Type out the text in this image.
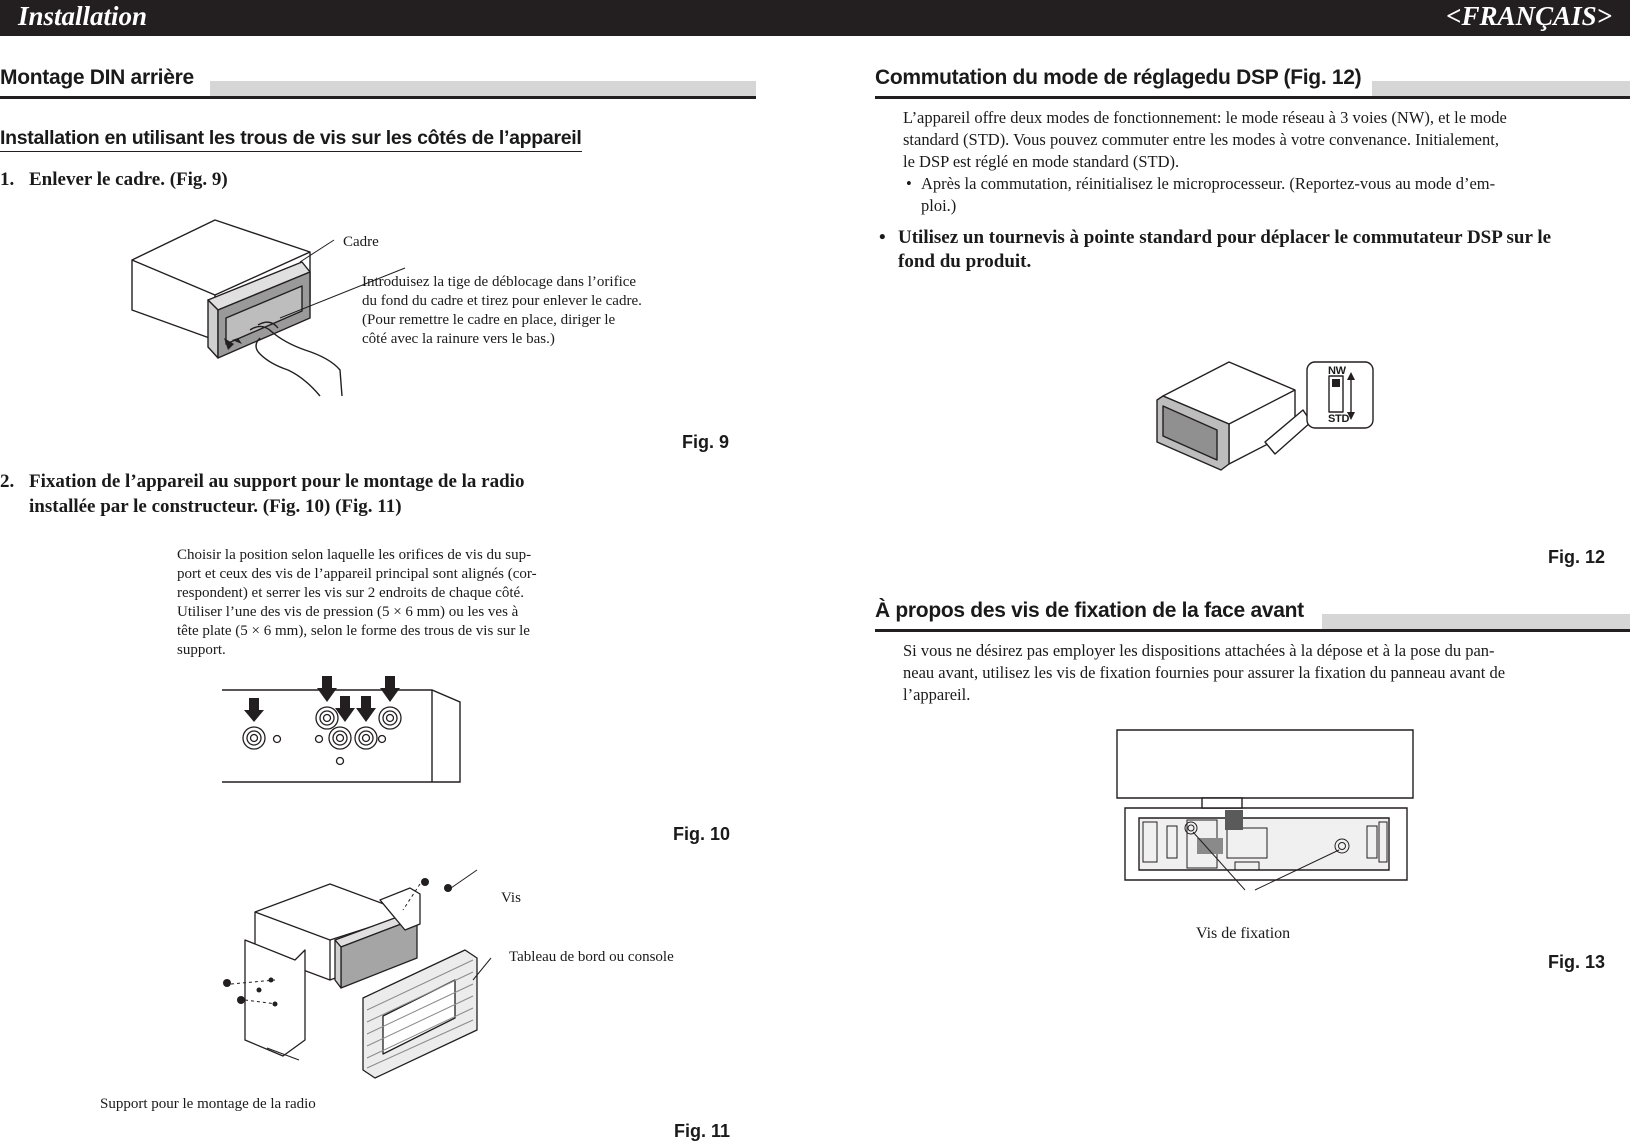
Installation	<FRANÇAIS>
Montage DIN arrière
Installation en utilisant les trous de vis sur les côtés de l’appareil
1. Enlever le cadre. (Fig. 9)
Cadre
Introduisez la tige de déblocage dans l’orifice
du fond du cadre et tirez pour enlever le cadre.
(Pour remettre le cadre en place, diriger le
côté avec la rainure vers le bas.)
Fig. 9
2. Fixation de l’appareil au support pour le montage de la radio
installée par le constructeur. (Fig. 10) (Fig. 11)
Choisir la position selon laquelle les orifices de vis du sup-
port et ceux des vis de l’appareil principal sont alignés (cor-
respondent) et serrer les vis sur 2 endroits de chaque côté.
Utiliser l’une des vis de pression (5 × 6 mm) ou les ves à
tête plate (5 × 6 mm), selon le forme des trous de vis sur le
support.
Fig. 10
Vis
Tableau de bord ou console
Support pour le montage de la radio
Fig. 11
Commutation du mode de réglagedu DSP (Fig. 12)
L’appareil offre deux modes de fonctionnement: le mode réseau à 3 voies (NW), et le mode
standard (STD). Vous pouvez commuter entre les modes à votre convenance. Initialement,
le DSP est réglé en mode standard (STD).
• Après la commutation, réinitialisez le microprocesseur. (Reportez-vous au mode d’em-
ploi.)
• Utilisez un tournevis à pointe standard pour déplacer le commutateur DSP sur le
fond du produit.
NW
STD
Fig. 12
À propos des vis de fixation de la face avant
Si vous ne désirez pas employer les dispositions attachées à la dépose et à la pose du pan-
neau avant, utilisez les vis de fixation fournies pour assurer la fixation du panneau avant de
l’appareil.
Vis de fixation
Fig. 13
